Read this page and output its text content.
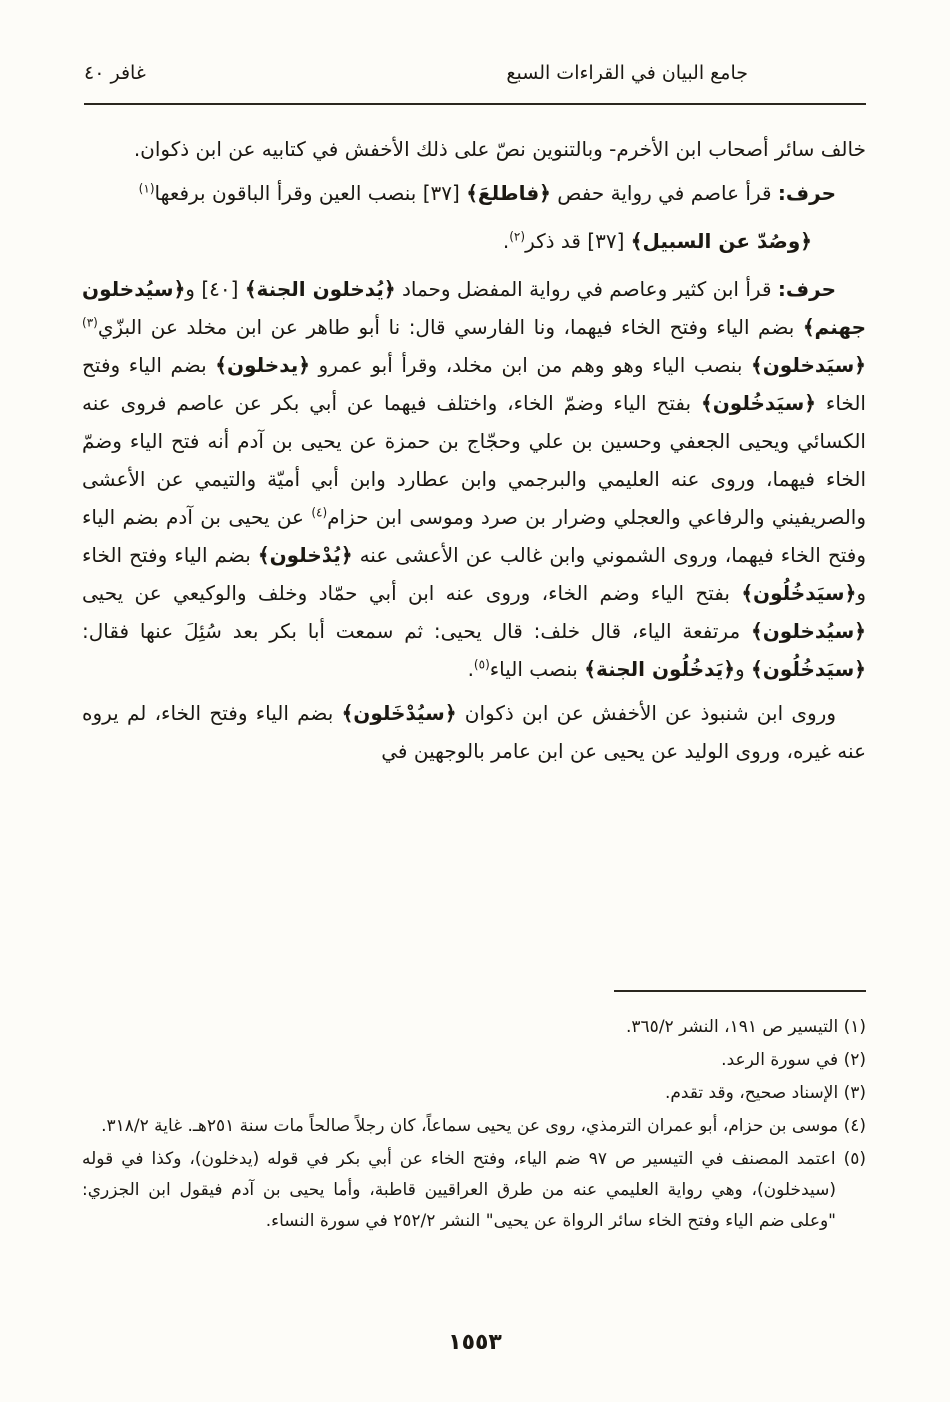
جامع البيان في القراءات السبع
غافر ٤٠

خالف سائر أصحاب ابن الأخرم- وبالتنوين نصّ على ذلك الأخفش في كتابيه عن ابن ذكوان.

حرف: قرأ عاصم في رواية حفص ﴿فاطلعَ﴾ [٣٧] بنصب العين وقرأ الباقون برفعها$^{(١)}$

﴿وصُدّ عن السبيل﴾ [٣٧] قد ذكر$^{(٢)}$.

حرف: قرأ ابن كثير وعاصم في رواية المفضل وحماد ﴿يُدخلون الجنة﴾ [٤٠] و﴿سيُدخلون جهنم﴾ بضم الياء وفتح الخاء فيهما، ونا الفارسي قال: نا أبو طاهر عن ابن مخلد عن البزّي$^{(٣)}$ ﴿سيَدخلون﴾ بنصب الياء وهو وهم من ابن مخلد، وقرأ أبو عمرو ﴿يدخلون﴾ بضم الياء وفتح الخاء ﴿سيَدخُلون﴾ بفتح الياء وضمّ الخاء، واختلف فيهما عن أبي بكر عن عاصم فروى عنه الكسائي ويحيى الجعفي وحسين بن علي وحجّاج بن حمزة عن يحيى بن آدم أنه فتح الياء وضمّ الخاء فيهما، وروى عنه العليمي والبرجمي وابن عطارد وابن أبي أميّة والتيمي عن الأعشى والصريفيني والرفاعي والعجلي وضرار بن صرد وموسى ابن حزام$^{(٤)}$ عن يحيى بن آدم بضم الياء وفتح الخاء فيهما، وروى الشموني وابن غالب عن الأعشى عنه ﴿يُدْخلون﴾ بضم الياء وفتح الخاء و﴿سيَدخُلُون﴾ بفتح الياء وضم الخاء، وروى عنه ابن أبي حمّاد وخلف والوكيعي عن يحيى ﴿سيُدخلون﴾ مرتفعة الياء، قال خلف: قال يحيى: ثم سمعت أبا بكر بعد سُئِلَ عنها فقال: ﴿سيَدخُلُون﴾ و﴿يَدخُلُون الجنة﴾ بنصب الياء$^{(٥)}$.

وروى ابن شنبوذ عن الأخفش عن ابن ذكوان ﴿سيُدْخَلون﴾ بضم الياء وفتح الخاء، لم يروه عنه غيره، وروى الوليد عن يحيى عن ابن عامر بالوجهين في

(١) التيسير ص ١٩١، النشر ٣٦٥/٢.
(٢) في سورة الرعد.
(٣) الإسناد صحيح، وقد تقدم.
(٤) موسى بن حزام، أبو عمران الترمذي، روى عن يحيى سماعاً، كان رجلاً صالحاً مات سنة ٢٥١هـ. غاية ٣١٨/٢.
(٥) اعتمد المصنف في التيسير ص ٩٧ ضم الياء، وفتح الخاء عن أبي بكر في قوله (يدخلون)، وكذا في قوله (سيدخلون)، وهي رواية العليمي عنه من طرق العراقيين قاطبة، وأما يحيى بن آدم فيقول ابن الجزري: "وعلى ضم الياء وفتح الخاء سائر الرواة عن يحيى" النشر ٢٥٢/٢ في سورة النساء.
١٥٥٣
